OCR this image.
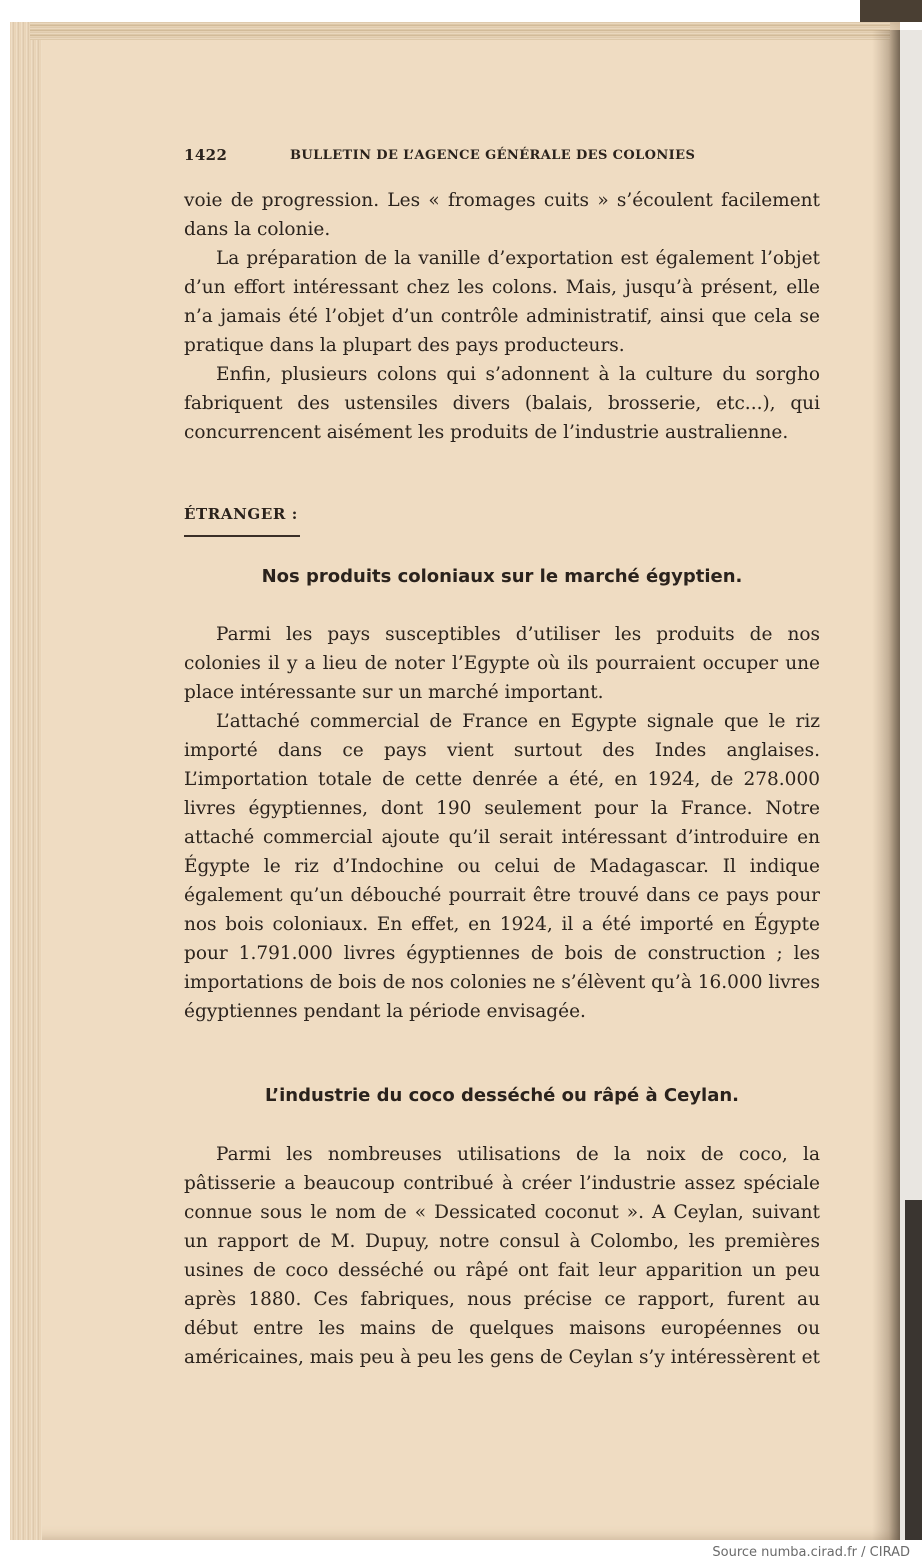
1422	BULLETIN DE L’AGENCE GÉNÉRALE DES COLONIES

voie de progression. Les « fromages cuits » s’écoulent facilement dans la colonie.

La préparation de la vanille d’exportation est également l’objet d’un effort intéressant chez les colons. Mais, jusqu’à présent, elle n’a jamais été l’objet d’un contrôle administratif, ainsi que cela se pratique dans la plupart des pays producteurs.

Enfin, plusieurs colons qui s’adonnent à la culture du sorgho fabriquent des ustensiles divers (balais, brosserie, etc...), qui concurrencent aisément les produits de l’industrie australienne.

ÉTRANGER :
Nos produits coloniaux sur le marché égyptien.

Parmi les pays susceptibles d’utiliser les produits de nos colonies il y a lieu de noter l’Egypte où ils pourraient occuper une place intéressante sur un marché important.

L’attaché commercial de France en Egypte signale que le riz importé dans ce pays vient surtout des Indes anglaises. L’importation totale de cette denrée a été, en 1924, de 278.000 livres égyptiennes, dont 190 seulement pour la France. Notre attaché commercial ajoute qu’il serait intéressant d’introduire en Égypte le riz d’Indochine ou celui de Madagascar. Il indique également qu’un débouché pourrait être trouvé dans ce pays pour nos bois coloniaux. En effet, en 1924, il a été importé en Égypte pour 1.791.000 livres égyptiennes de bois de construction ; les importations de bois de nos colonies ne s’élèvent qu’à 16.000 livres égyptiennes pendant la période envisagée.

L’industrie du coco desséché ou râpé à Ceylan.

Parmi les nombreuses utilisations de la noix de coco, la pâtisserie a beaucoup contribué à créer l’industrie assez spéciale connue sous le nom de « Dessicated coconut ». A Ceylan, suivant un rapport de M. Dupuy, notre consul à Colombo, les premières usines de coco desséché ou râpé ont fait leur apparition un peu après 1880. Ces fabriques, nous précise ce rapport, furent au début entre les mains de quelques maisons européennes ou américaines, mais peu à peu les gens de Ceylan s’y intéressèrent et

Source numba.cirad.fr / CIRAD
